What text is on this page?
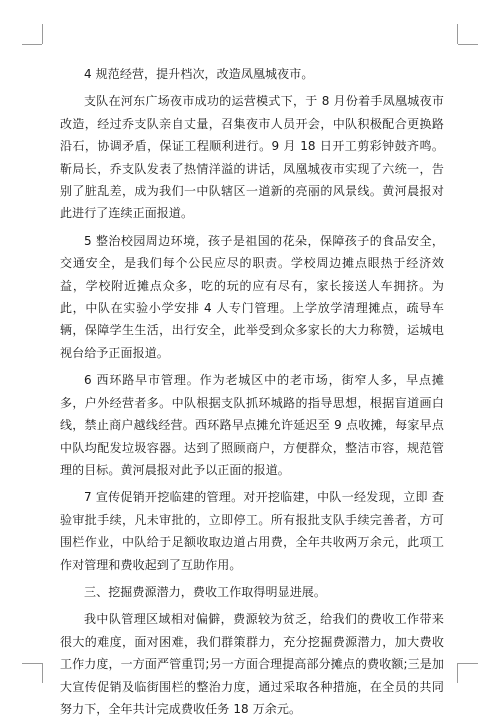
4 规范经营，提升档次，改造凤凰城夜市。

支队在河东广场夜市成功的运营模式下，于 8 月份着手凤凰城夜市改造，经过乔支队亲自丈量，召集夜市人员开会，中队积极配合更换路沿石，协调矛盾，保证工程顺利进行。9 月 18 日开工剪彩钟鼓齐鸣。靳局长，乔支队发表了热情洋溢的讲话，凤凰城夜市实现了六统一，告别了脏乱差，成为我们一中队辖区一道新的亮丽的风景线。黄河晨报对此进行了连续正面报道。

5 整治校园周边环境，孩子是祖国的花朵，保障孩子的食品安全，交通安全，是我们每个公民应尽的职责。学校周边摊点眼热于经济效益，学校附近摊点众多，吃的玩的应有尽有，家长接送人车拥挤。为此，中队在实验小学安排 4 人专门管理。上学放学清理摊点，疏导车辆，保障学生生活，出行安全，此举受到众多家长的大力称赞，运城电视台给予正面报道。

6 西环路早市管理。作为老城区中的老市场，街窄人多，早点摊多，户外经营者多。中队根据支队抓环城路的指导思想，根据盲道画白线，禁止商户越线经营。西环路早点摊允许延迟至 9 点收摊，每家早点中队均配发垃圾容器。达到了照顾商户，方便群众，整洁市容，规范管理的目标。黄河晨报对此予以正面的报道。

7 宣传促销开挖临建的管理。对开挖临建，中队一经发现，立即 查验审批手续，凡未审批的，立即停工。所有报批支队手续完善者，方可 围栏作业，中队给于足额收取边道占用费，全年共收两万余元，此项工作对管理和费收起到了互助作用。

三、挖掘费源潜力，费收工作取得明显进展。

我中队管理区域相对偏僻，费源较为贫乏，给我们的费收工作带来很大的难度，面对困难，我们群策群力，充分挖掘费源潜力，加大费收工作力度，一方面严管重罚;另一方面合理提高部分摊点的费收额;三是加大宣传促销及临街围栏的整治力度，通过采取各种措施，在全员的共同努力下，全年共计完成费收任务 18 万余元。
